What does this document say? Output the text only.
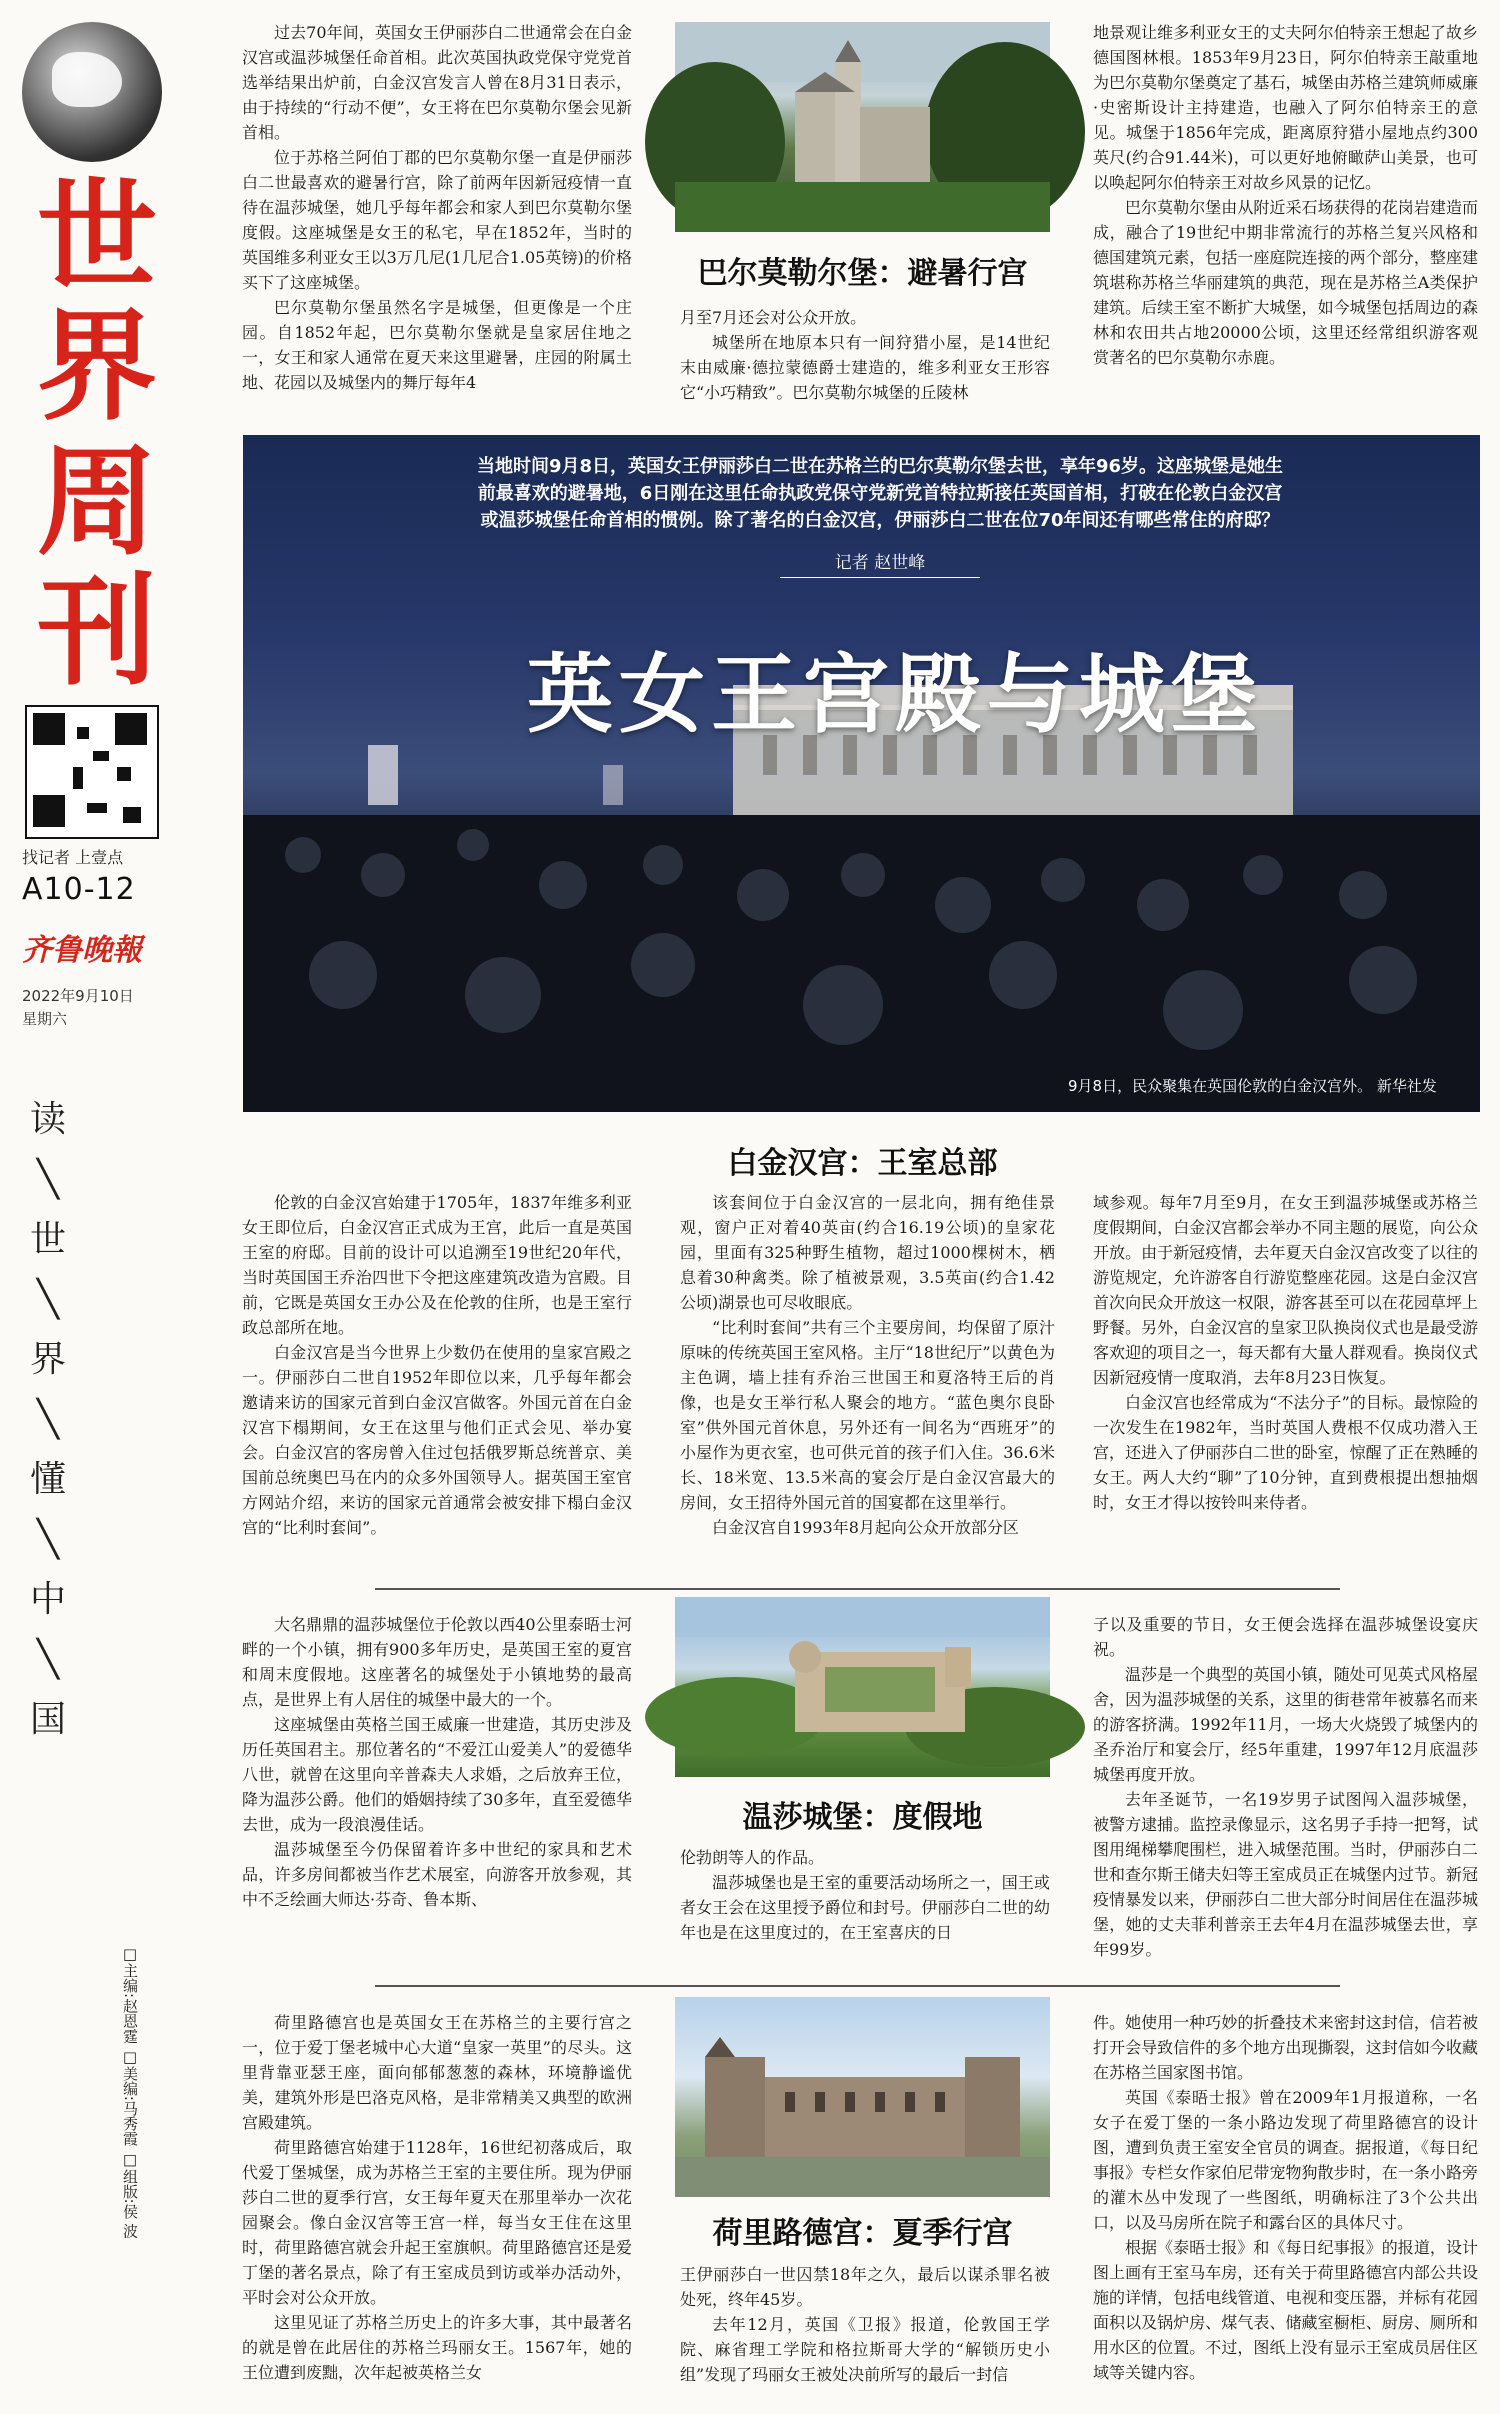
世
界
周
刊
找记者 上壹点
A10-12
齐鲁晚報
2022年9月10日
星期六
读
╲
世
╲
界
╲
懂
╲
中
╲
国
□主编:赵恩霆 □美编:马秀霞 □组版:侯 波

过去70年间，英国女王伊丽莎白二世通常会在白金汉宫或温莎城堡任命首相。此次英国执政党保守党党首选举结果出炉前，白金汉宫发言人曾在8月31日表示，由于持续的“行动不便”，女王将在巴尔莫勒尔堡会见新首相。

位于苏格兰阿伯丁郡的巴尔莫勒尔堡一直是伊丽莎白二世最喜欢的避暑行宫，除了前两年因新冠疫情一直待在温莎城堡，她几乎每年都会和家人到巴尔莫勒尔堡度假。这座城堡是女王的私宅，早在1852年，当时的英国维多利亚女王以3万几尼(1几尼合1.05英镑)的价格买下了这座城堡。

巴尔莫勒尔堡虽然名字是城堡，但更像是一个庄园。自1852年起，巴尔莫勒尔堡就是皇家居住地之一，女王和家人通常在夏天来这里避暑，庄园的附属土地、花园以及城堡内的舞厅每年4

巴尔莫勒尔堡：避暑行宫

月至7月还会对公众开放。

城堡所在地原本只有一间狩猎小屋，是14世纪末由威廉·德拉蒙德爵士建造的，维多利亚女王形容它“小巧精致”。巴尔莫勒尔城堡的丘陵林

地景观让维多利亚女王的丈夫阿尔伯特亲王想起了故乡德国图林根。1853年9月23日，阿尔伯特亲王敲重地为巴尔莫勒尔堡奠定了基石，城堡由苏格兰建筑师威廉·史密斯设计主持建造，也融入了阿尔伯特亲王的意见。城堡于1856年完成，距离原狩猎小屋地点约300英尺(约合91.44米)，可以更好地俯瞰萨山美景，也可以唤起阿尔伯特亲王对故乡风景的记忆。

巴尔莫勒尔堡由从附近采石场获得的花岗岩建造而成，融合了19世纪中期非常流行的苏格兰复兴风格和德国建筑元素，包括一座庭院连接的两个部分，整座建筑堪称苏格兰华丽建筑的典范，现在是苏格兰A类保护建筑。后续王室不断扩大城堡，如今城堡包括周边的森林和农田共占地20000公顷，这里还经常组织游客观赏著名的巴尔莫勒尔赤鹿。

当地时间9月8日，英国女王伊丽莎白二世在苏格兰的巴尔莫勒尔堡去世，享年96岁。这座城堡是她生前最喜欢的避暑地，6日刚在这里任命执政党保守党新党首特拉斯接任英国首相，打破在伦敦白金汉宫或温莎城堡任命首相的惯例。除了著名的白金汉宫，伊丽莎白二世在位70年间还有哪些常住的府邸？
记者 赵世峰
英女王宫殿与城堡
9月8日，民众聚集在英国伦敦的白金汉宫外。 新华社发
白金汉宫：王室总部

伦敦的白金汉宫始建于1705年，1837年维多利亚女王即位后，白金汉宫正式成为王宫，此后一直是英国王室的府邸。目前的设计可以追溯至19世纪20年代，当时英国国王乔治四世下令把这座建筑改造为宫殿。目前，它既是英国女王办公及在伦敦的住所，也是王室行政总部所在地。

白金汉宫是当今世界上少数仍在使用的皇家宫殿之一。伊丽莎白二世自1952年即位以来，几乎每年都会邀请来访的国家元首到白金汉宫做客。外国元首在白金汉宫下榻期间，女王在这里与他们正式会见、举办宴会。白金汉宫的客房曾入住过包括俄罗斯总统普京、美国前总统奥巴马在内的众多外国领导人。据英国王室官方网站介绍，来访的国家元首通常会被安排下榻白金汉宫的“比利时套间”。

该套间位于白金汉宫的一层北向，拥有绝佳景观，窗户正对着40英亩(约合16.19公顷)的皇家花园，里面有325种野生植物，超过1000棵树木，栖息着30种禽类。除了植被景观，3.5英亩(约合1.42公顷)湖景也可尽收眼底。

“比利时套间”共有三个主要房间，均保留了原汁原味的传统英国王室风格。主厅“18世纪厅”以黄色为主色调，墙上挂有乔治三世国王和夏洛特王后的肖像，也是女王举行私人聚会的地方。“蓝色奥尔良卧室”供外国元首休息，另外还有一间名为“西班牙”的小屋作为更衣室，也可供元首的孩子们入住。36.6米长、18米宽、13.5米高的宴会厅是白金汉宫最大的房间，女王招待外国元首的国宴都在这里举行。

白金汉宫自1993年8月起向公众开放部分区

域参观。每年7月至9月，在女王到温莎城堡或苏格兰度假期间，白金汉宫都会举办不同主题的展览，向公众开放。由于新冠疫情，去年夏天白金汉宫改变了以往的游览规定，允许游客自行游览整座花园。这是白金汉宫首次向民众开放这一权限，游客甚至可以在花园草坪上野餐。另外，白金汉宫的皇家卫队换岗仪式也是最受游客欢迎的项目之一，每天都有大量人群观看。换岗仪式因新冠疫情一度取消，去年8月23日恢复。

白金汉宫也经常成为“不法分子”的目标。最惊险的一次发生在1982年，当时英国人费根不仅成功潜入王宫，还进入了伊丽莎白二世的卧室，惊醒了正在熟睡的女王。两人大约“聊”了10分钟，直到费根提出想抽烟时，女王才得以按铃叫来侍者。

大名鼎鼎的温莎城堡位于伦敦以西40公里泰晤士河畔的一个小镇，拥有900多年历史，是英国王室的夏宫和周末度假地。这座著名的城堡处于小镇地势的最高点，是世界上有人居住的城堡中最大的一个。

这座城堡由英格兰国王威廉一世建造，其历史涉及历任英国君主。那位著名的“不爱江山爱美人”的爱德华八世，就曾在这里向辛普森夫人求婚，之后放弃王位，降为温莎公爵。他们的婚姻持续了30多年，直至爱德华去世，成为一段浪漫佳话。

温莎城堡至今仍保留着许多中世纪的家具和艺术品，许多房间都被当作艺术展室，向游客开放参观，其中不乏绘画大师达·芬奇、鲁本斯、

温莎城堡：度假地

伦勃朗等人的作品。

温莎城堡也是王室的重要活动场所之一，国王或者女王会在这里授予爵位和封号。伊丽莎白二世的幼年也是在这里度过的，在王室喜庆的日

子以及重要的节日，女王便会选择在温莎城堡设宴庆祝。

温莎是一个典型的英国小镇，随处可见英式风格屋舍，因为温莎城堡的关系，这里的街巷常年被慕名而来的游客挤满。1992年11月，一场大火烧毁了城堡内的圣乔治厅和宴会厅，经5年重建，1997年12月底温莎城堡再度开放。

去年圣诞节，一名19岁男子试图闯入温莎城堡，被警方逮捕。监控录像显示，这名男子手持一把弩，试图用绳梯攀爬围栏，进入城堡范围。当时，伊丽莎白二世和查尔斯王储夫妇等王室成员正在城堡内过节。新冠疫情暴发以来，伊丽莎白二世大部分时间居住在温莎城堡，她的丈夫菲利普亲王去年4月在温莎城堡去世，享年99岁。

荷里路德宫也是英国女王在苏格兰的主要行宫之一，位于爱丁堡老城中心大道“皇家一英里”的尽头。这里背靠亚瑟王座，面向郁郁葱葱的森林，环境静谧优美，建筑外形是巴洛克风格，是非常精美又典型的欧洲宫殿建筑。

荷里路德宫始建于1128年，16世纪初落成后，取代爱丁堡城堡，成为苏格兰王室的主要住所。现为伊丽莎白二世的夏季行宫，女王每年夏天在那里举办一次花园聚会。像白金汉宫等王宫一样，每当女王住在这里时，荷里路德宫就会升起王室旗帜。荷里路德宫还是爱丁堡的著名景点，除了有王室成员到访或举办活动外，平时会对公众开放。

这里见证了苏格兰历史上的许多大事，其中最著名的就是曾在此居住的苏格兰玛丽女王。1567年，她的王位遭到废黜，次年起被英格兰女

荷里路德宫：夏季行宫

王伊丽莎白一世囚禁18年之久，最后以谋杀罪名被处死，终年45岁。

去年12月，英国《卫报》报道，伦敦国王学院、麻省理工学院和格拉斯哥大学的“解锁历史小组”发现了玛丽女王被处决前所写的最后一封信

件。她使用一种巧妙的折叠技术来密封这封信，信若被打开会导致信件的多个地方出现撕裂，这封信如今收藏在苏格兰国家图书馆。

英国《泰晤士报》曾在2009年1月报道称，一名女子在爱丁堡的一条小路边发现了荷里路德宫的设计图，遭到负责王室安全官员的调查。据报道，《每日纪事报》专栏女作家伯尼带宠物狗散步时，在一条小路旁的灌木丛中发现了一些图纸，明确标注了3个公共出口，以及马房所在院子和露台区的具体尺寸。

根据《泰晤士报》和《每日纪事报》的报道，设计图上画有王室马车房，还有关于荷里路德宫内部公共设施的详情，包括电线管道、电视和变压器，并标有花园面积以及锅炉房、煤气表、储藏室橱柜、厨房、厕所和用水区的位置。不过，图纸上没有显示王室成员居住区域等关键内容。
